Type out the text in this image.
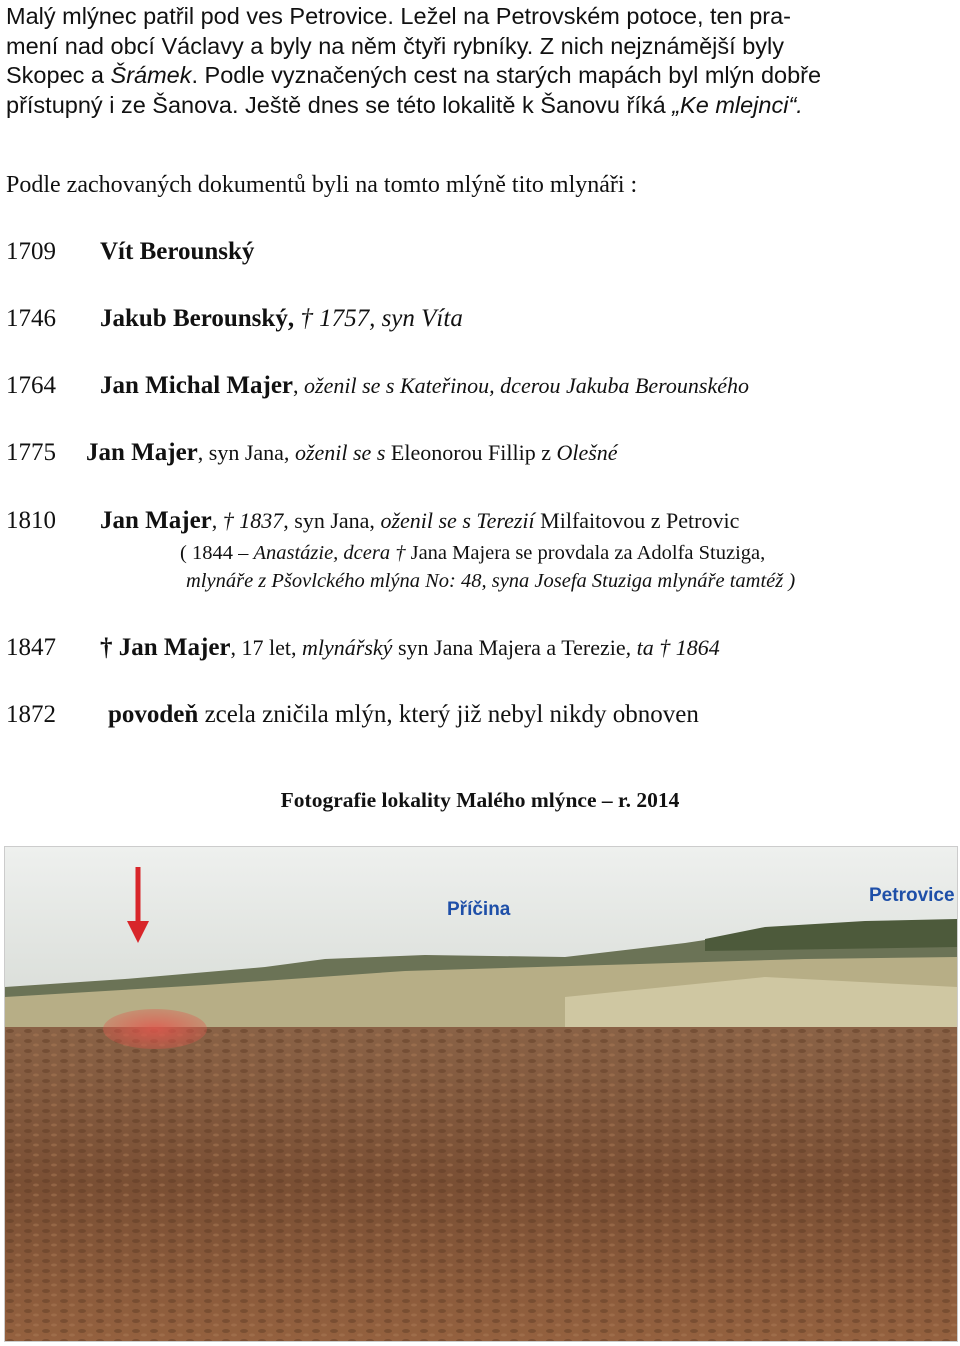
Malý mlýnec patřil pod ves Petrovice. Ležel na Petrovském potoce, ten pra-

mení nad obcí Václavy a byly na něm čtyři rybníky. Z nich nejznámější byly

Skopec a Šrámek. Podle vyznačených cest na starých mapách byl mlýn dobře

přístupný i ze Šanova. Ještě dnes se této lokalitě k Šanovu říká „Ke mlejnci“.

Podle zachovaných dokumentů byli na tomto mlýně tito mlynáři :
1709 Vít Berounský
1746 Jakub Berounský, † 1757, syn Víta
1764 Jan Michal Majer, oženil se s Kateřinou, dcerou Jakuba Berounského
1775 Jan Majer, syn Jana, oženil se s Eleonorou Fillip z Olešné
1810 Jan Majer, † 1837, syn Jana, oženil se s Terezií Milfaitovou z Petrovic
( 1844 – Anastázie, dcera † Jana Majera se provdala za Adolfa Stuziga,
mlynáře z Pšovlckého mlýna No: 48, syna Josefa Stuziga mlynáře tamtéž )
1847 † Jan Majer, 17 let, mlynářský syn Jana Majera a Terezie, ta † 1864
1872 povodeň zcela zničila mlýn, který již nebyl nikdy obnoven
Fotografie lokality Malého mlýnce – r. 2014
Příčina
Petrovice
